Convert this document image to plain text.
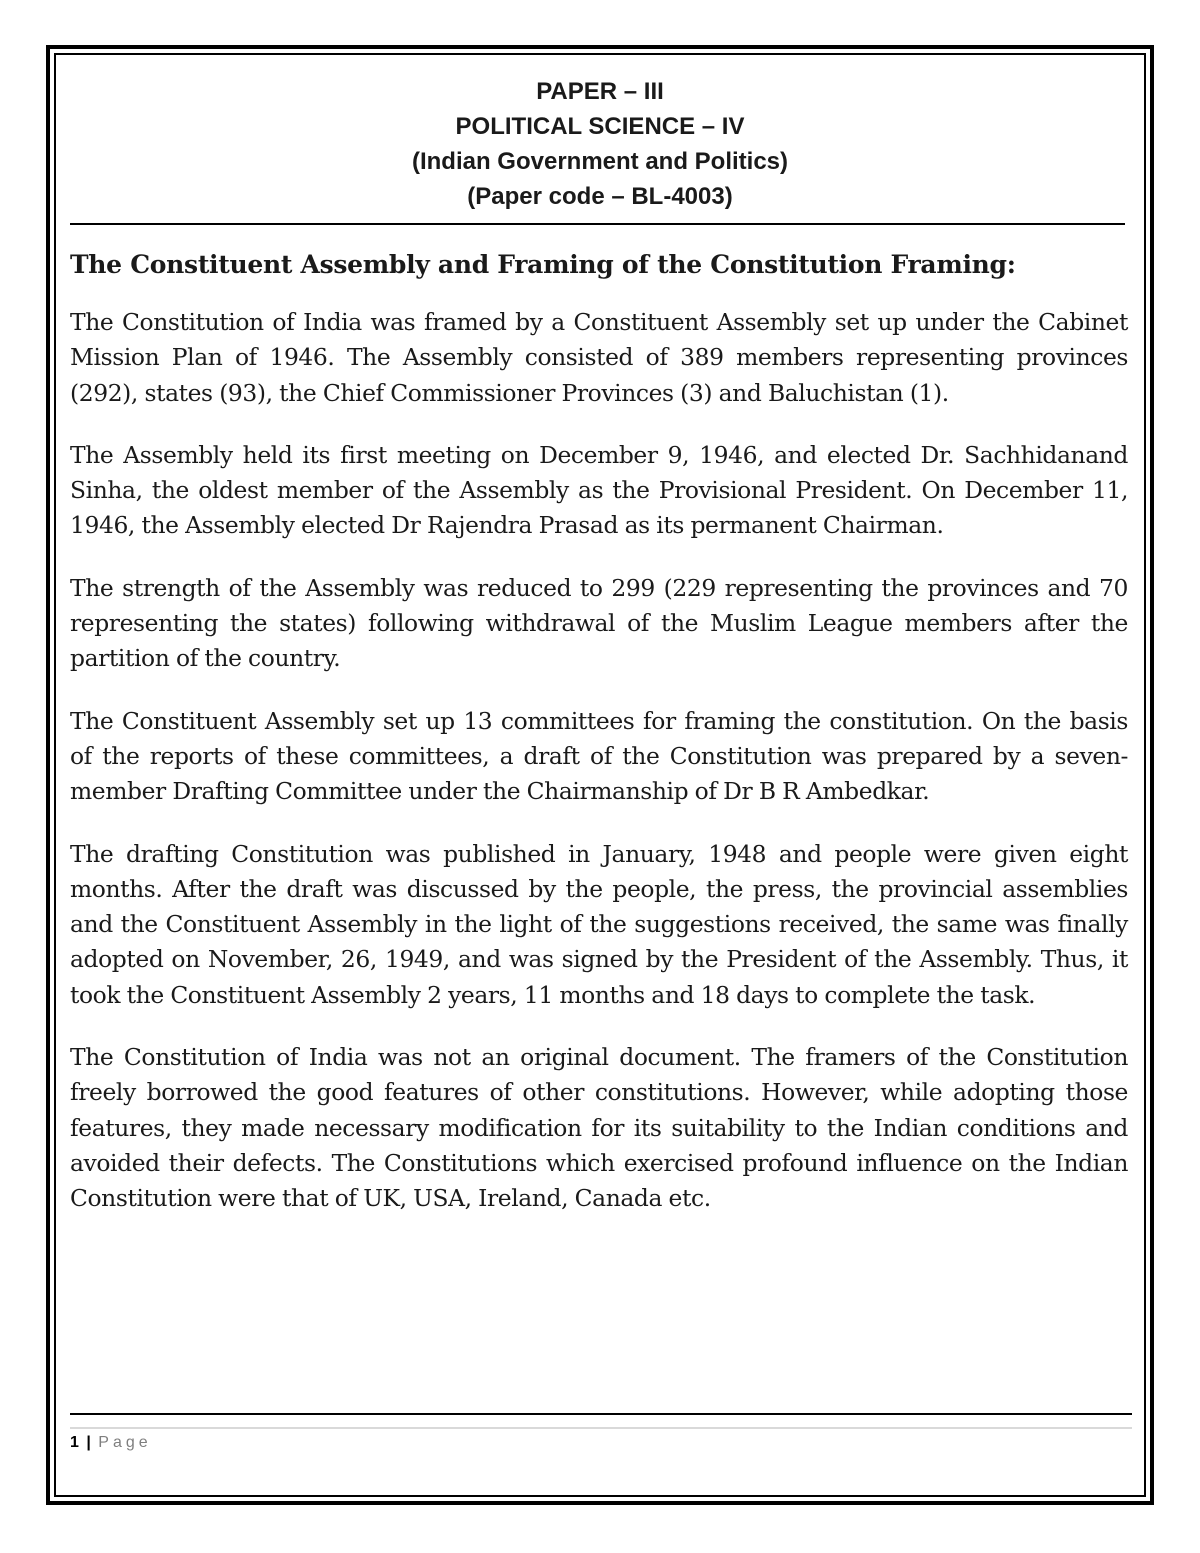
PAPER – III
POLITICAL SCIENCE – IV
(Indian Government and Politics)
(Paper code – BL-4003)
The Constituent Assembly and Framing of the Constitution Framing:

The Constitution of India was framed by a Constituent Assembly set up under the Cabinet Mission Plan of 1946. The Assembly consisted of 389 members representing provinces (292), states (93), the Chief Commissioner Provinces (3) and Baluchistan (1).

The Assembly held its first meeting on December 9, 1946, and elected Dr. Sachhidanand Sinha, the oldest member of the Assembly as the Provisional President. On December 11, 1946, the Assembly elected Dr Rajendra Prasad as its permanent Chairman.

The strength of the Assembly was reduced to 299 (229 representing the provinces and 70 representing the states) following withdrawal of the Muslim League members after the partition of the country.

The Constituent Assembly set up 13 committees for framing the constitution. On the basis of the reports of these committees, a draft of the Constitution was prepared by a seven-member Drafting Committee under the Chairmanship of Dr B R Ambedkar.

The drafting Constitution was published in January, 1948 and people were given eight months. After the draft was discussed by the people, the press, the provincial assemblies and the Constituent Assembly in the light of the suggestions received, the same was finally adopted on November, 26, 1949, and was signed by the President of the Assembly. Thus, it took the Constituent Assembly 2 years, 11 months and 18 days to complete the task.

The Constitution of India was not an original document. The framers of the Constitution freely borrowed the good features of other constitutions. However, while adopting those features, they made necessary modification for its suitability to the Indian conditions and avoided their defects. The Constitutions which exercised profound influence on the Indian Constitution were that of UK, USA, Ireland, Canada etc.

1 | Page
